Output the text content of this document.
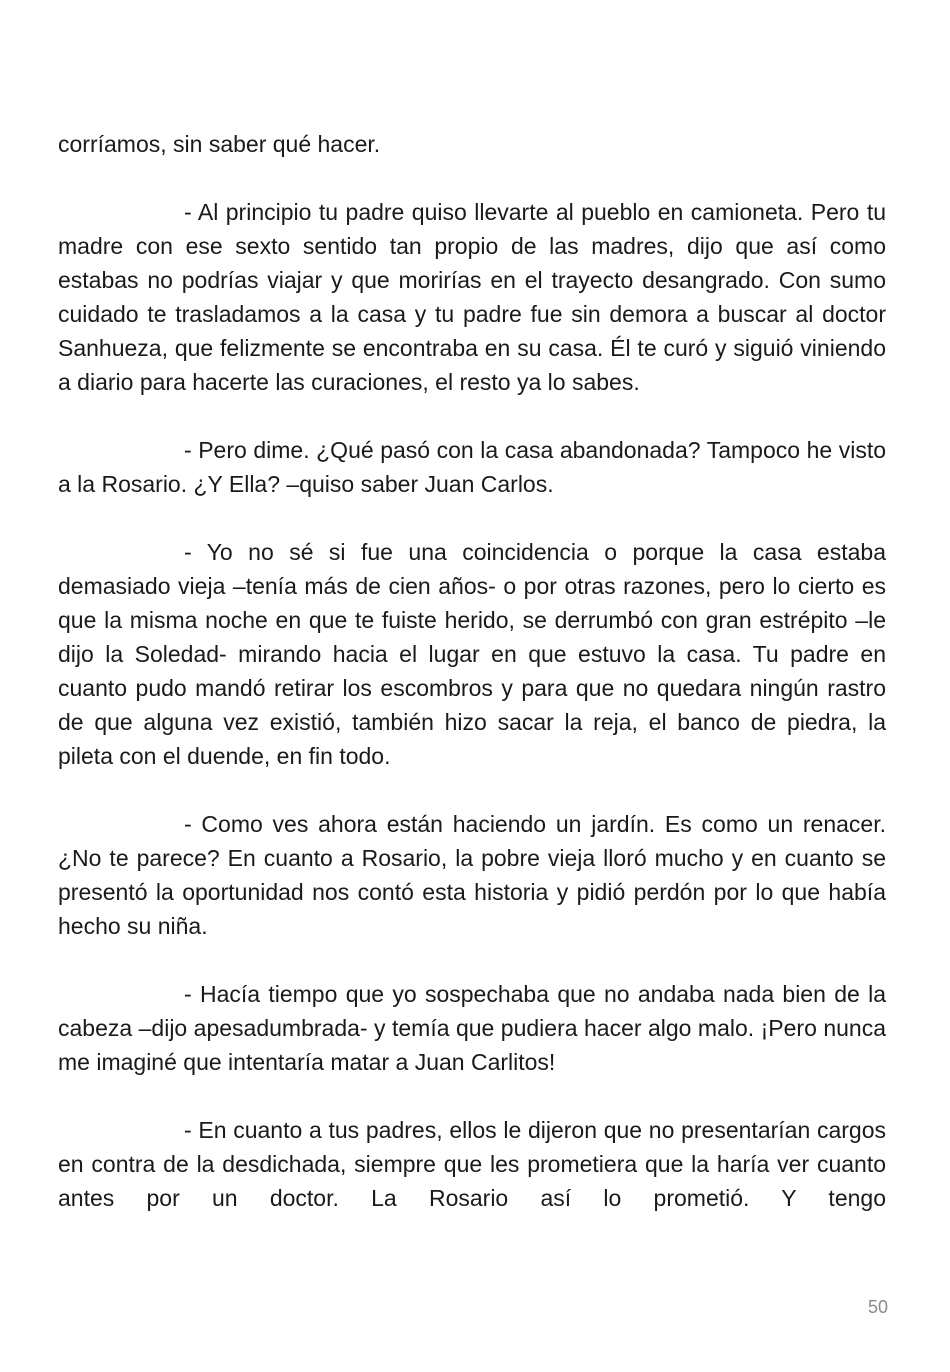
corríamos, sin saber qué hacer.

- Al principio tu padre quiso llevarte al pueblo en camioneta. Pero tu madre con ese sexto sentido tan propio de las madres, dijo que así como estabas no podrías viajar y que morirías en el trayecto desangrado. Con sumo cuidado te trasladamos a la casa y tu padre fue sin demora a buscar al doctor Sanhueza, que felizmente se encontraba en su casa. Él te curó y siguió viniendo a diario para hacerte las curaciones, el resto ya lo sabes.

- Pero dime. ¿Qué pasó con la casa abandonada? Tampoco he visto a la Rosario. ¿Y Ella? –quiso saber Juan Carlos.

- Yo no sé si fue una coincidencia o porque la casa estaba demasiado vieja –tenía más de cien años- o por otras razones, pero lo cierto es que la misma noche en que te fuiste herido, se derrumbó con gran estrépito –le dijo la Soledad- mirando hacia el lugar en que estuvo la casa. Tu padre en cuanto pudo mandó retirar los escombros y para que no quedara ningún rastro de que alguna vez existió, también hizo sacar la reja, el banco de piedra, la pileta con el duende, en fin todo.

- Como ves ahora están haciendo un jardín. Es como un renacer. ¿No te parece? En cuanto a Rosario, la pobre vieja lloró mucho y en cuanto se presentó la oportunidad nos contó esta historia y pidió perdón por lo que había hecho su niña.

- Hacía tiempo que yo sospechaba que no andaba nada bien de la cabeza –dijo apesadumbrada- y temía que pudiera hacer algo malo. ¡Pero nunca me imaginé que intentaría matar a Juan Carlitos!

- En cuanto a tus padres, ellos le dijeron que no presentarían cargos en contra de la desdichada, siempre que les prometiera que la haría ver cuanto antes por un doctor. La Rosario así lo prometió. Y tengo

50
